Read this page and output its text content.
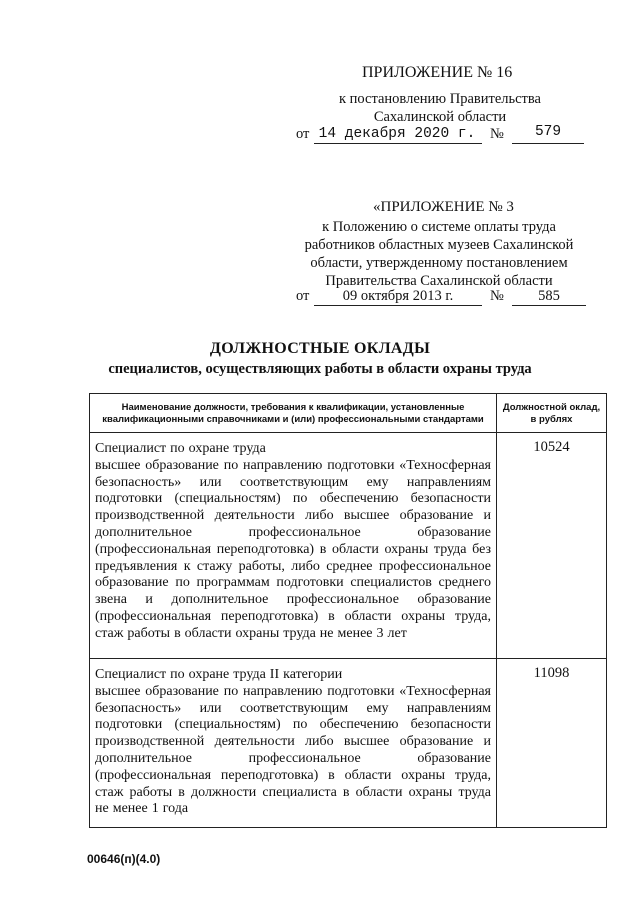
ПРИЛОЖЕНИЕ № 16
к постановлению Правительства
Сахалинской области
от 14 декабря 2020 г.	№	579
«ПРИЛОЖЕНИЕ № 3
к Положению о системе оплаты труда
работников областных музеев Сахалинской
области, утвержденному постановлением
Правительства Сахалинской области
от	09 октября 2013 г.	№	585
ДОЛЖНОСТНЫЕ ОКЛАДЫ
специалистов, осуществляющих работы в области охраны труда
Наименование должности, требования к квалификации, установленные квалификационными справочниками и (или) профессиональными стандартами	Должностной оклад, в рублях

Специалист по охране труда
высшее образование по направлению подготовки «Техносферная безопасность» или соответствующим ему направлениям подготовки (специальностям) по обеспечению безопасности производственной деятельности либо высшее образование и дополнительное профессиональное образование (профессиональная переподготовка) в области охраны труда без предъявления к стажу работы, либо среднее профессиональное образование по программам подготовки специалистов среднего звена и дополнительное профессиональное образование (профессиональная переподготовка) в области охраны труда, стаж работы в области охраны труда не менее 3 лет	10524

Специалист по охране труда II категории
высшее образование по направлению подготовки «Техносферная безопасность» или соответствующим ему направлениям подготовки (специальностям) по обеспечению безопасности производственной деятельности либо высшее образование и дополнительное профессиональное образование (профессиональная переподготовка) в области охраны труда, стаж работы в должности специалиста в области охраны труда не менее 1 года	11098
00646(п)(4.0)
